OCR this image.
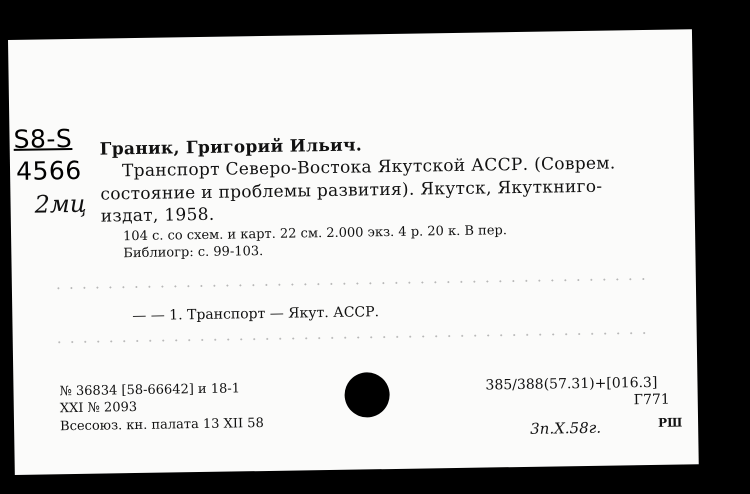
S8-S
4566
2мц
Граник, Григорий Ильич.
Транспорт Северо-Востока Якутской АССР. (Соврем.
состояние и проблемы развития). Якутск, Якуткниго-
издат, 1958.
104 с. со схем. и карт. 22 см. 2.000 экз. 4 р. 20 к. В пер.
Библиогр: с. 99-103.
— — 1. Транспорт — Якут. АССР.
№ 36834 [58-66642] и 18-1
XXI № 2093
Всесоюз. кн. палата 13 XII 58
385/388(57.31)+[016.3]
Г771
3п.Х.58г.	РШ
